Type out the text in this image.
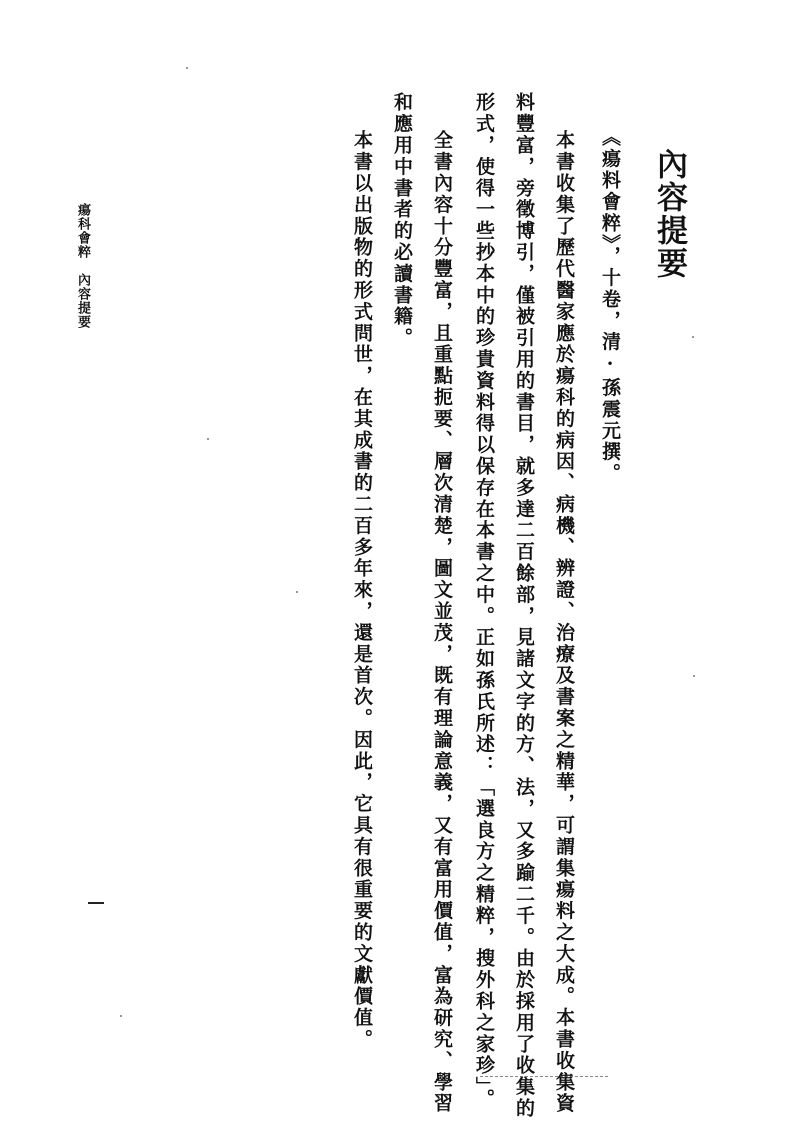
內容提要
《瘍料會粹》，十卷，清·孫震元撰。
本書收集了歷代醫家應於瘍科的病因、病機、辨證、治療及書案之精華，可謂集瘍料之大成。本書收集資
料豐富，旁徵博引，僅被引用的書目，就多達二百餘部，見諸文字的方、法，又多踰二千。由於採用了收集的
形式，使得一些抄本中的珍貴資料得以保存在本書之中。正如孫氏所述：「選良方之精粹，搜外科之家珍」。
全書內容十分豐富，且重點扼要、層次清楚，圖文並茂，既有理論意義，又有富用價值，富為研究、學習
和應用中書者的必讀書籍。
本書以出版物的形式問世，在其成書的二百多年來，還是首次。因此，它具有很重要的文獻價值。
瘍科會粹　內容提要
